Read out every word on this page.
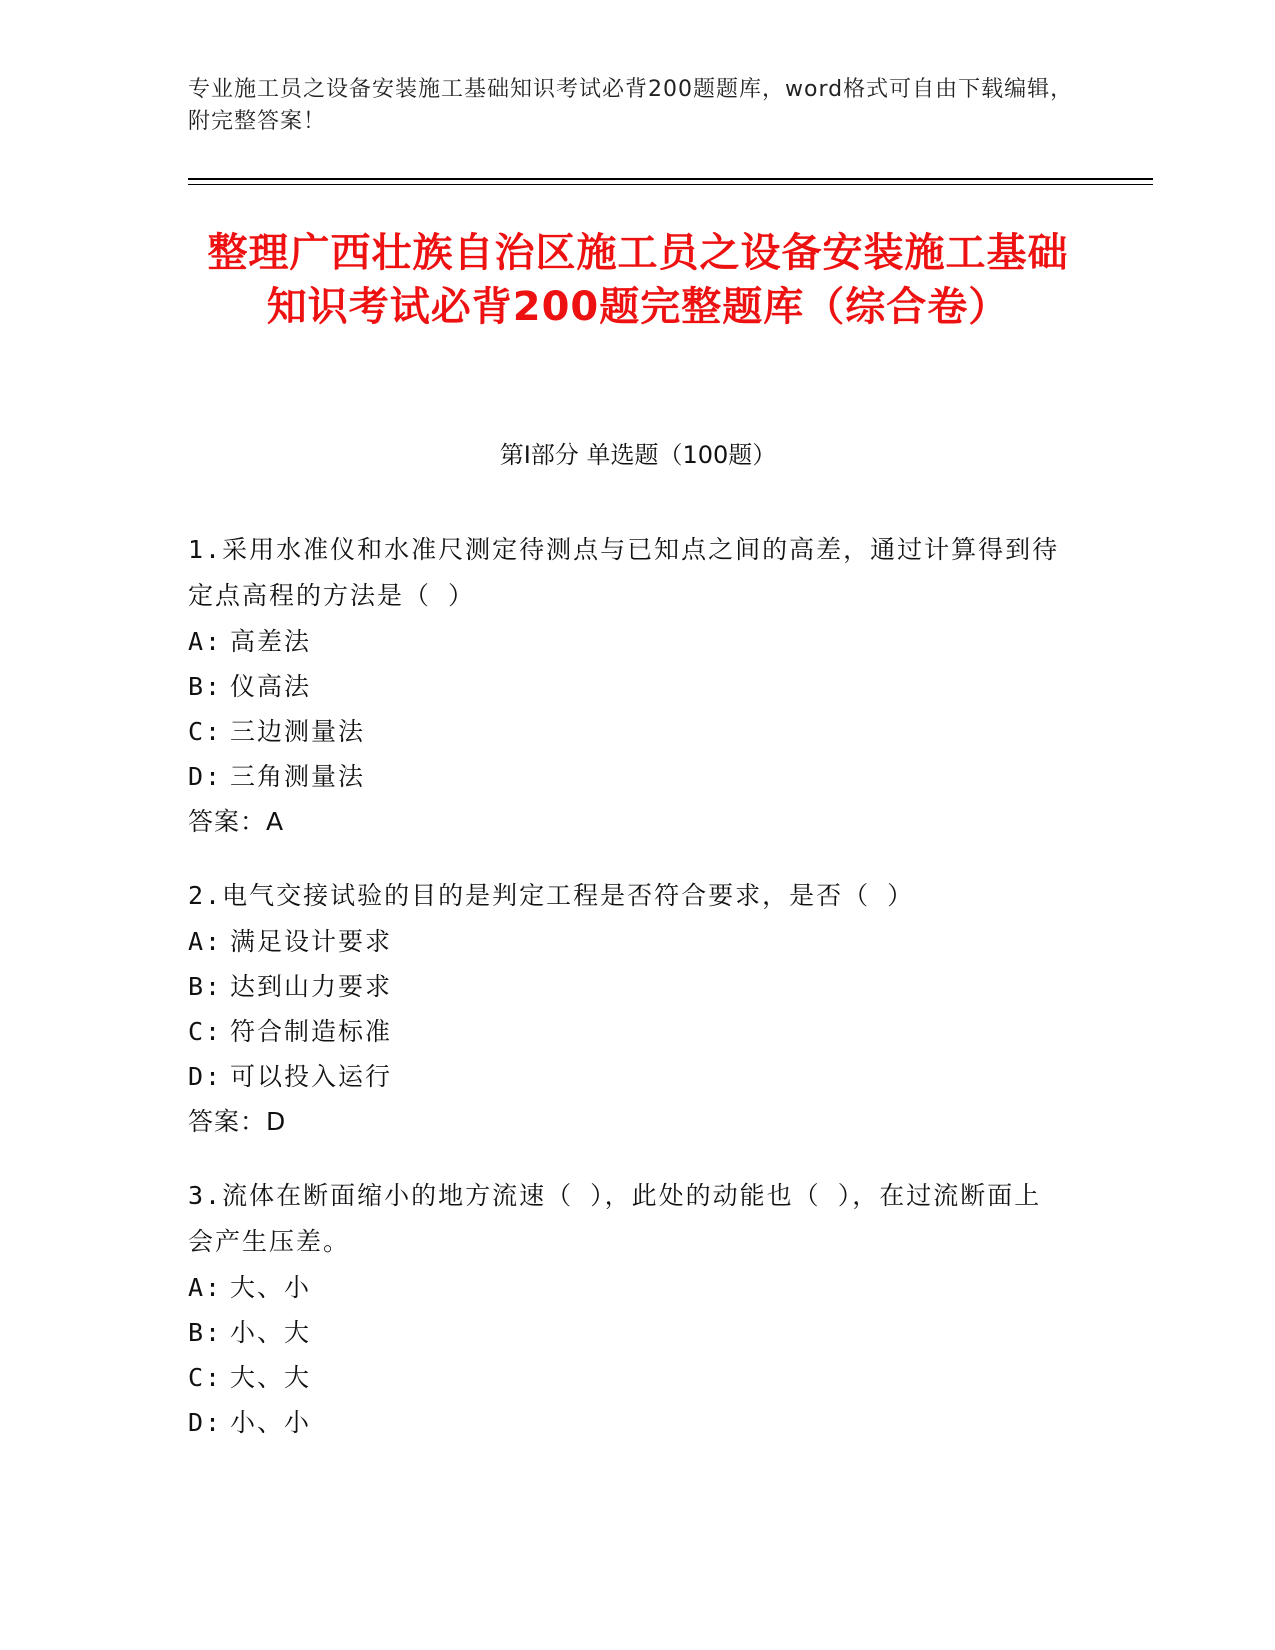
专业施工员之设备安装施工基础知识考试必背200题题库，word格式可自由下载编辑，附完整答案！
整理广西壮族自治区施工员之设备安装施工基础知识考试必背200题完整题库（综合卷）
第I部分 单选题（100题）

1.采用水准仪和水准尺测定待测点与已知点之间的高差，通过计算得到待定点高程的方法是（ ）

A: 高差法

B: 仪高法

C: 三边测量法

D: 三角测量法

答案：A

2.电气交接试验的目的是判定工程是否符合要求，是否（ ）

A: 满足设计要求

B: 达到山力要求

C: 符合制造标准

D: 可以投入运行

答案：D

3.流体在断面缩小的地方流速（ ），此处的动能也（ ），在过流断面上会产生压差。

A: 大、小

B: 小、大

C: 大、大

D: 小、小
